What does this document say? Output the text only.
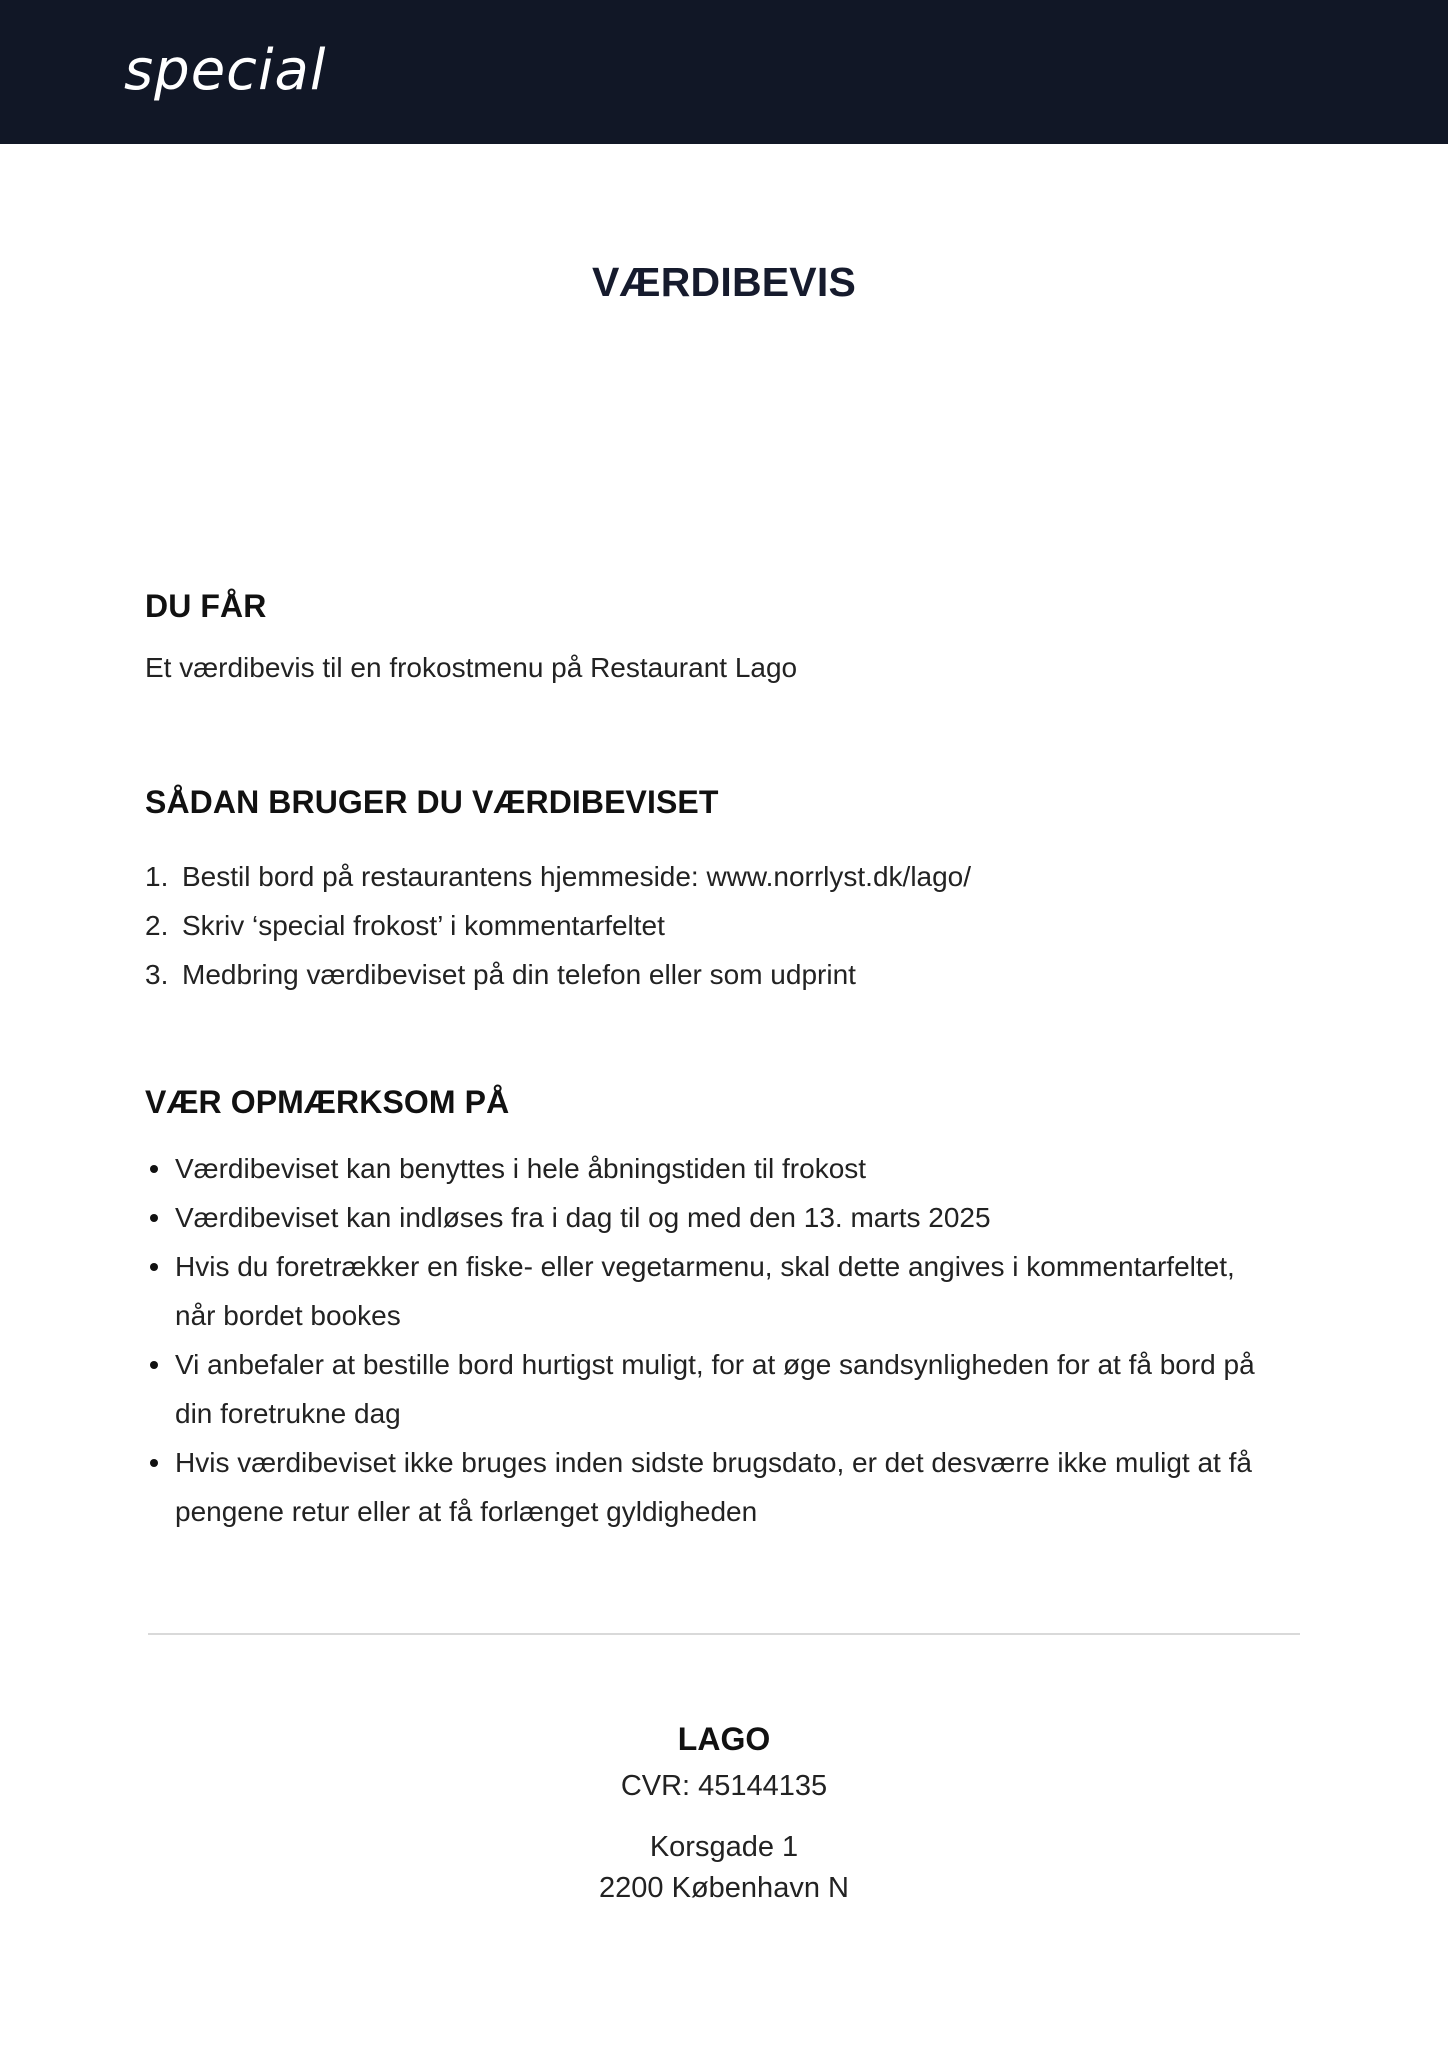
special
VÆRDIBEVIS
DU FÅR

Et værdibevis til en frokostmenu på Restaurant Lago

SÅDAN BRUGER DU VÆRDIBEVISET
1. Bestil bord på restaurantens hjemmeside: www.norrlyst.dk/lago/
2. Skriv ‘special frokost’ i kommentarfeltet
3. Medbring værdibeviset på din telefon eller som udprint
VÆR OPMÆRKSOM PÅ
Værdibeviset kan benyttes i hele åbningstiden til frokost
Værdibeviset kan indløses fra i dag til og med den 13. marts 2025
Hvis du foretrækker en fiske- eller vegetarmenu, skal dette angives i kommentarfeltet, når bordet bookes
Vi anbefaler at bestille bord hurtigst muligt, for at øge sandsynligheden for at få bord på din foretrukne dag
Hvis værdibeviset ikke bruges inden sidste brugsdato, er det desværre ikke muligt at få pengene retur eller at få forlænget gyldigheden
LAGO
CVR: 45144135
Korsgade 1
2200 København N
